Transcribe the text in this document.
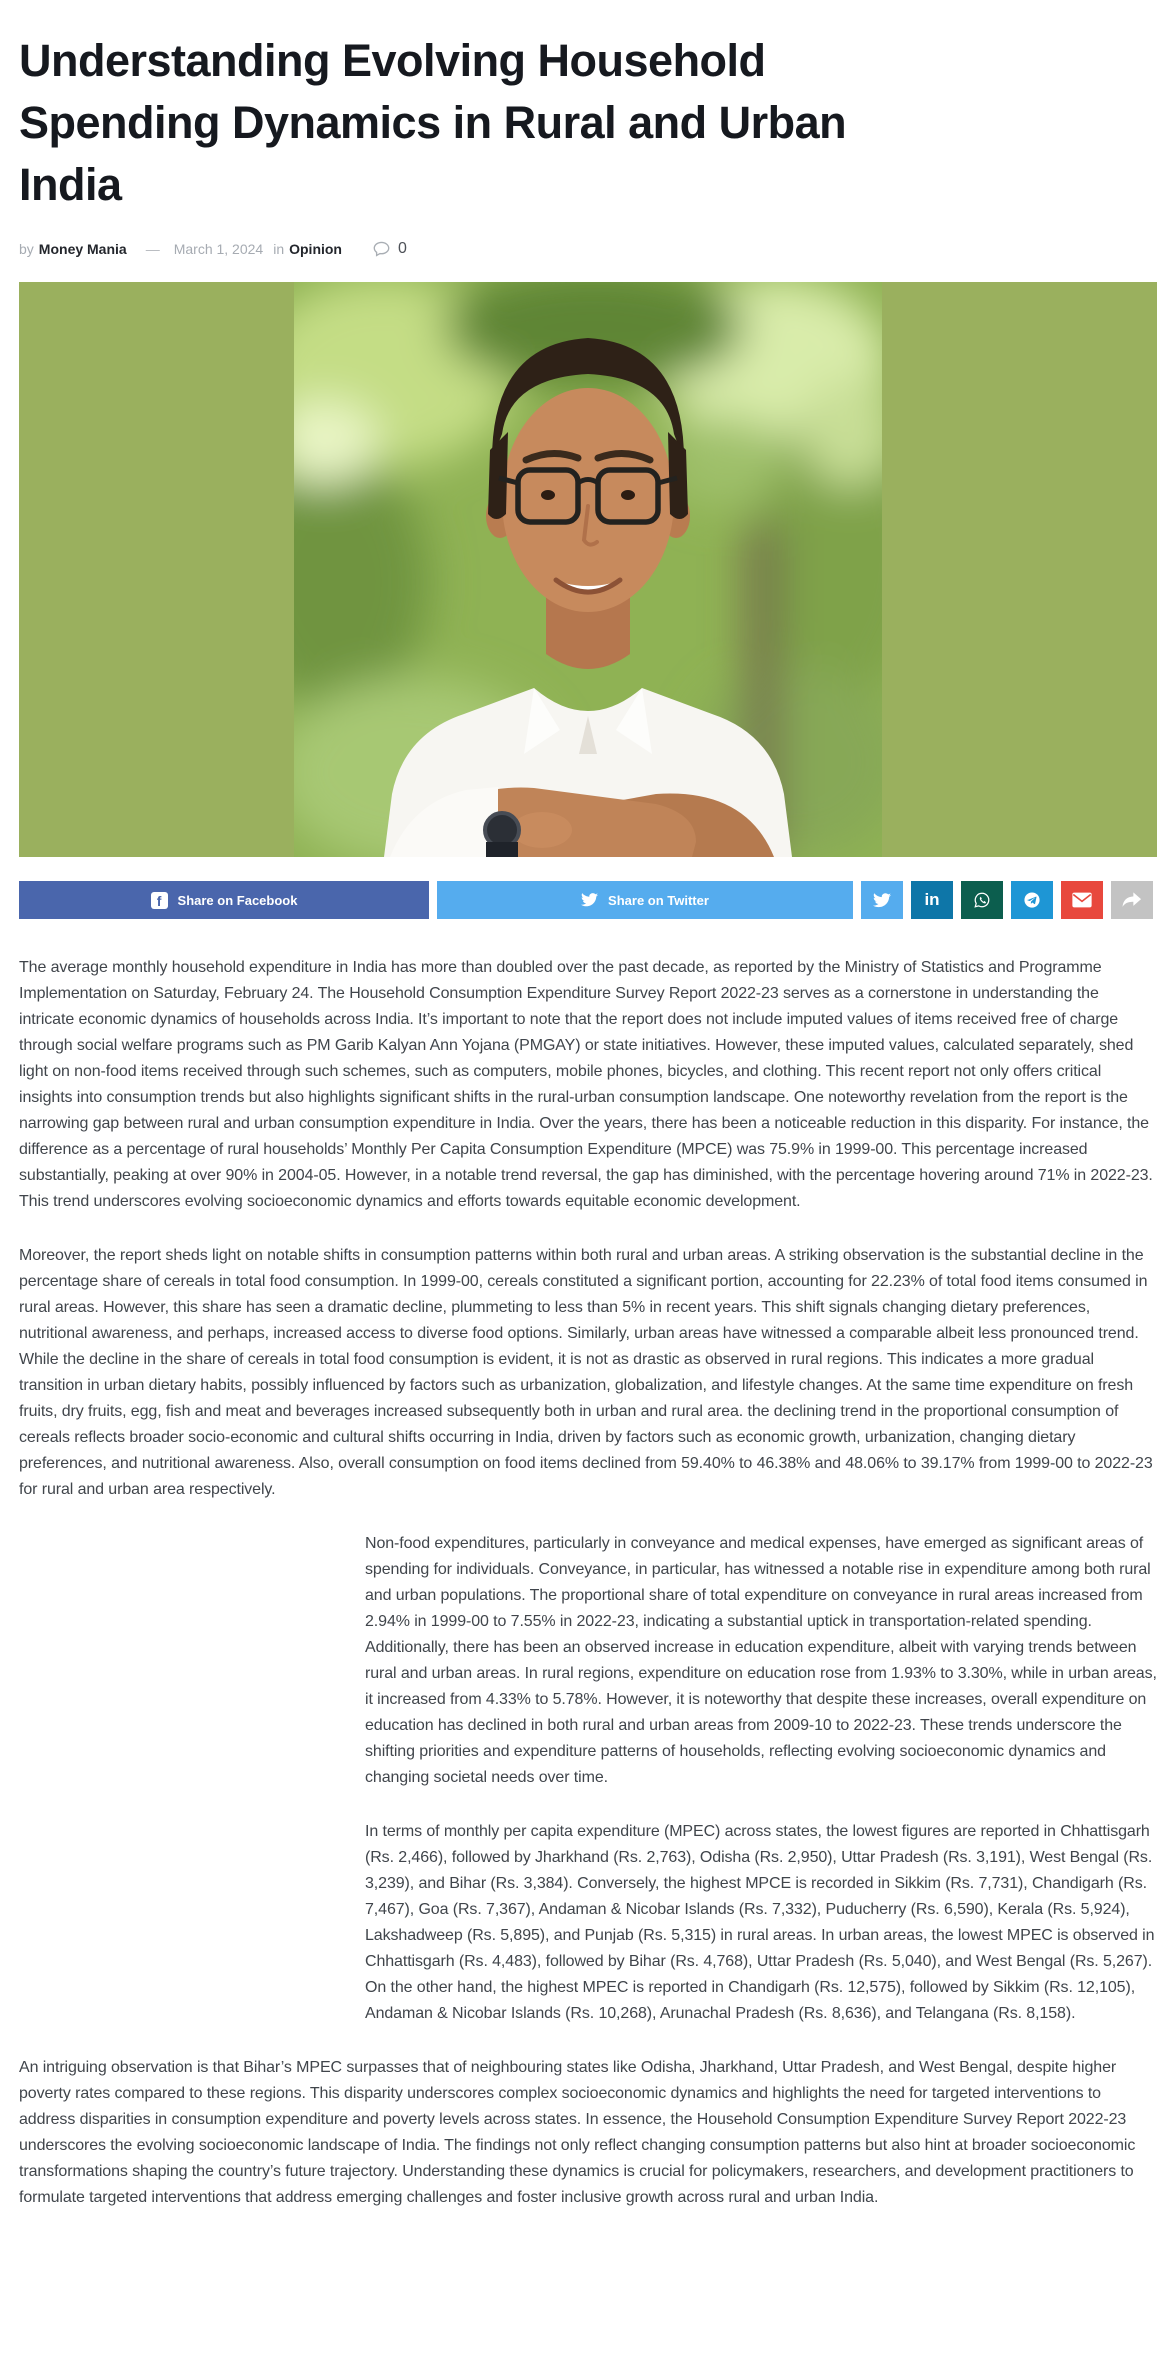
Understanding Evolving Household
Spending Dynamics in Rural and Urban
India
by Money Mania — March 1, 2024 in Opinion	0
f	Share on Facebook	Share on Twitter	in

The average monthly household expenditure in India has more than doubled over the past decade, as reported by the Ministry of Statistics and Programme Implementation on Saturday, February 24. The Household Consumption Expenditure Survey Report 2022-23 serves as a cornerstone in understanding the intricate economic dynamics of households across India. It’s important to note that the report does not include imputed values of items received free of charge through social welfare programs such as PM Garib Kalyan Ann Yojana (PMGAY) or state initiatives. However, these imputed values, calculated separately, shed light on non-food items received through such schemes, such as computers, mobile phones, bicycles, and clothing. This recent report not only offers critical insights into consumption trends but also highlights significant shifts in the rural-urban consumption landscape. One noteworthy revelation from the report is the narrowing gap between rural and urban consumption expenditure in India. Over the years, there has been a noticeable reduction in this disparity. For instance, the difference as a percentage of rural households’ Monthly Per Capita Consumption Expenditure (MPCE) was 75.9% in 1999-00. This percentage increased substantially, peaking at over 90% in 2004-05. However, in a notable trend reversal, the gap has diminished, with the percentage hovering around 71% in 2022-23. This trend underscores evolving socioeconomic dynamics and efforts towards equitable economic development.

Moreover, the report sheds light on notable shifts in consumption patterns within both rural and urban areas. A striking observation is the substantial decline in the percentage share of cereals in total food consumption. In 1999-00, cereals constituted a significant portion, accounting for 22.23% of total food items consumed in rural areas. However, this share has seen a dramatic decline, plummeting to less than 5% in recent years. This shift signals changing dietary preferences, nutritional awareness, and perhaps, increased access to diverse food options. Similarly, urban areas have witnessed a comparable albeit less pronounced trend. While the decline in the share of cereals in total food consumption is evident, it is not as drastic as observed in rural regions. This indicates a more gradual transition in urban dietary habits, possibly influenced by factors such as urbanization, globalization, and lifestyle changes. At the same time expenditure on fresh fruits, dry fruits, egg, fish and meat and beverages increased subsequently both in urban and rural area. the declining trend in the proportional consumption of cereals reflects broader socio-economic and cultural shifts occurring in India, driven by factors such as economic growth, urbanization, changing dietary preferences, and nutritional awareness. Also, overall consumption on food items declined from 59.40% to 46.38% and 48.06% to 39.17% from 1999-00 to 2022-23 for rural and urban area respectively.

Non-food expenditures, particularly in conveyance and medical expenses, have emerged as significant areas of spending for individuals. Conveyance, in particular, has witnessed a notable rise in expenditure among both rural and urban populations. The proportional share of total expenditure on conveyance in rural areas increased from 2.94% in 1999-00 to 7.55% in 2022-23, indicating a substantial uptick in transportation-related spending. Additionally, there has been an observed increase in education expenditure, albeit with varying trends between rural and urban areas. In rural regions, expenditure on education rose from 1.93% to 3.30%, while in urban areas, it increased from 4.33% to 5.78%. However, it is noteworthy that despite these increases, overall expenditure on education has declined in both rural and urban areas from 2009-10 to 2022-23. These trends underscore the shifting priorities and expenditure patterns of households, reflecting evolving socioeconomic dynamics and changing societal needs over time.

In terms of monthly per capita expenditure (MPEC) across states, the lowest figures are reported in Chhattisgarh (Rs. 2,466), followed by Jharkhand (Rs. 2,763), Odisha (Rs. 2,950), Uttar Pradesh (Rs. 3,191), West Bengal (Rs. 3,239), and Bihar (Rs. 3,384). Conversely, the highest MPCE is recorded in Sikkim (Rs. 7,731), Chandigarh (Rs. 7,467), Goa (Rs. 7,367), Andaman & Nicobar Islands (Rs. 7,332), Puducherry (Rs. 6,590), Kerala (Rs. 5,924), Lakshadweep (Rs. 5,895), and Punjab (Rs. 5,315) in rural areas. In urban areas, the lowest MPEC is observed in Chhattisgarh (Rs. 4,483), followed by Bihar (Rs. 4,768), Uttar Pradesh (Rs. 5,040), and West Bengal (Rs. 5,267). On the other hand, the highest MPEC is reported in Chandigarh (Rs. 12,575), followed by Sikkim (Rs. 12,105), Andaman & Nicobar Islands (Rs. 10,268), Arunachal Pradesh (Rs. 8,636), and Telangana (Rs. 8,158).

An intriguing observation is that Bihar’s MPEC surpasses that of neighbouring states like Odisha, Jharkhand, Uttar Pradesh, and West Bengal, despite higher poverty rates compared to these regions. This disparity underscores complex socioeconomic dynamics and highlights the need for targeted interventions to address disparities in consumption expenditure and poverty levels across states. In essence, the Household Consumption Expenditure Survey Report 2022-23 underscores the evolving socioeconomic landscape of India. The findings not only reflect changing consumption patterns but also hint at broader socioeconomic transformations shaping the country’s future trajectory. Understanding these dynamics is crucial for policymakers, researchers, and development practitioners to formulate targeted interventions that address emerging challenges and foster inclusive growth across rural and urban India.
